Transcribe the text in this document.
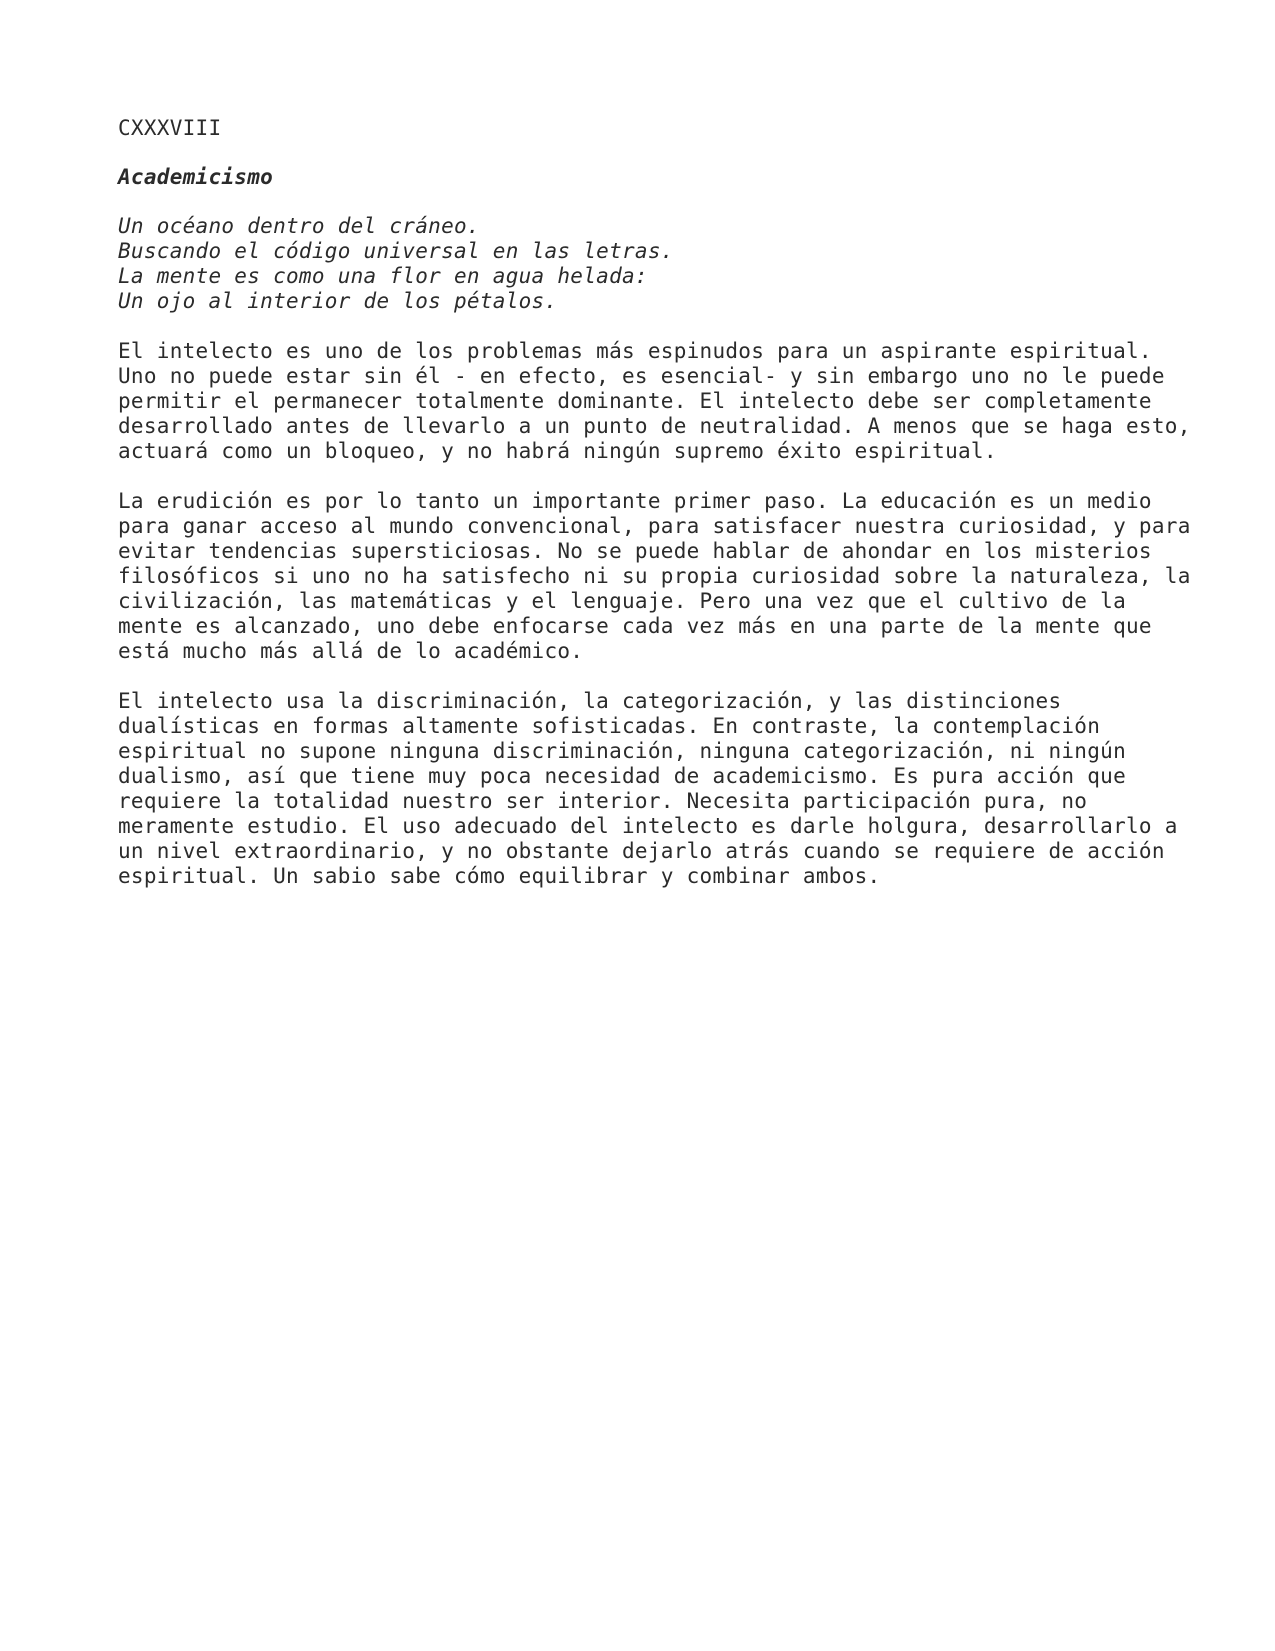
CXXXVIII
Academicismo
Un océano dentro del cráneo.
Buscando el código universal en las letras.
La mente es como una flor en agua helada:
Un ojo al interior de los pétalos.
El intelecto es uno de los problemas más espinudos para un aspirante espiritual.
Uno no puede estar sin él - en efecto, es esencial- y sin embargo uno no le puede
permitir el permanecer totalmente dominante. El intelecto debe ser completamente
desarrollado antes de llevarlo a un punto de neutralidad. A menos que se haga esto,
actuará como un bloqueo, y no habrá ningún supremo éxito espiritual.
La erudición es por lo tanto un importante primer paso. La educación es un medio
para ganar acceso al mundo convencional, para satisfacer nuestra curiosidad, y para
evitar tendencias supersticiosas. No se puede hablar de ahondar en los misterios
filosóficos si uno no ha satisfecho ni su propia curiosidad sobre la naturaleza, la
civilización, las matemáticas y el lenguaje. Pero una vez que el cultivo de la
mente es alcanzado, uno debe enfocarse cada vez más en una parte de la mente que
está mucho más allá de lo académico.
El intelecto usa la discriminación, la categorización, y las distinciones
dualísticas en formas altamente sofisticadas. En contraste, la contemplación
espiritual no supone ninguna discriminación, ninguna categorización, ni ningún
dualismo, así que tiene muy poca necesidad de academicismo. Es pura acción que
requiere la totalidad nuestro ser interior. Necesita participación pura, no
meramente estudio. El uso adecuado del intelecto es darle holgura, desarrollarlo a
un nivel extraordinario, y no obstante dejarlo atrás cuando se requiere de acción
espiritual. Un sabio sabe cómo equilibrar y combinar ambos.
